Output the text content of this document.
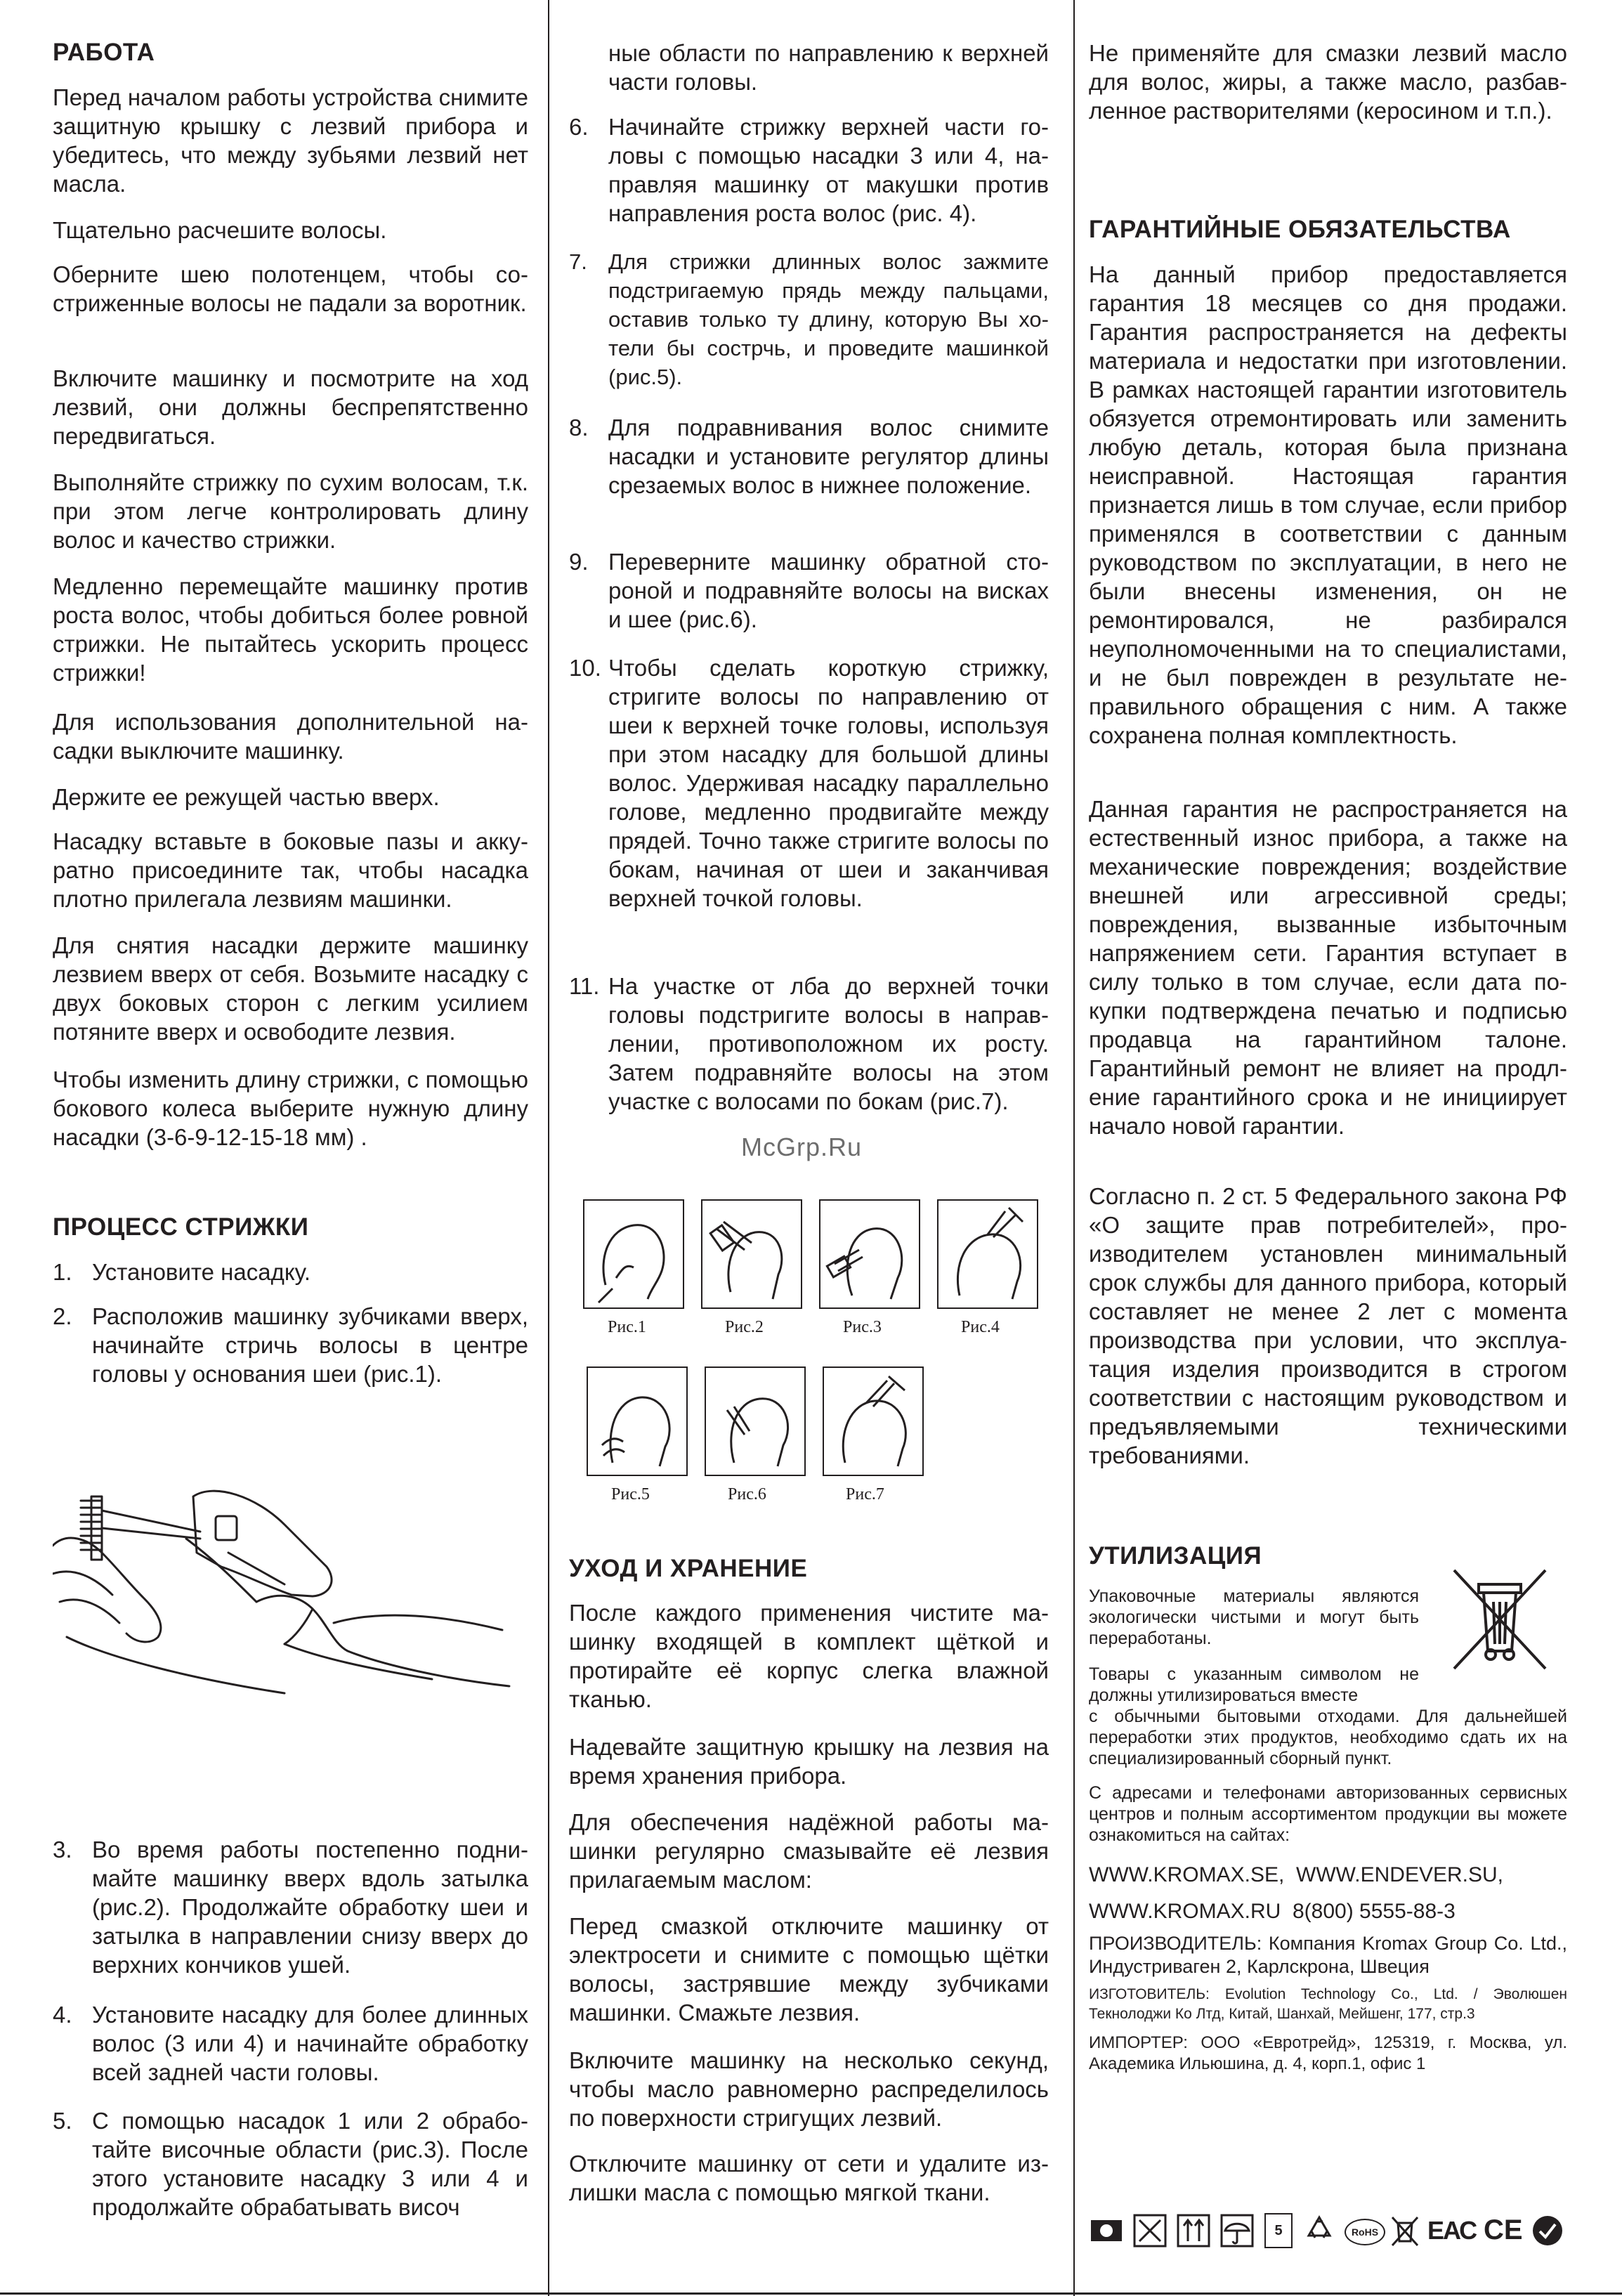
РАБОТА

Перед началом работы устройства снимите защитную крышку с лезвий прибора и убедитесь, что между зубьями лезвий нет масла.

Тщательно расчешите волосы.

Оберните шею полотенцем, чтобы состриженные волосы не падали за воротник.

Включите машинку и посмотрите на ход лезвий, они должны беспрепятственно передвигаться.

Выполняйте стрижку по сухим волосам, т.к. при этом легче контролировать длину волос и качество стрижки.

Медленно перемещайте машинку против роста волос, чтобы добиться более ровной стрижки. Не пытайтесь ускорить процесс стрижки!

Для использования дополнительной насадки выключите машинку.

Держите ее режущей частью вверх.

Насадку вставьте в боковые пазы и аккуратно присоедините так, чтобы насадка плотно прилегала лезвиям машинки.

Для снятия насадки держите машинку лезвием вверх от себя. Возьмите насадку с двух боковых сторон с легким усилием потяните вверх и освободите лезвия.

Чтобы изменить длину стрижки, с помощью бокового колеса выберите нужную длину насадки (3-6-9-12-15-18 мм) .

ПРОЦЕСС СТРИЖКИ
1. Установите насадку.
2. Расположив машинку зубчиками вверх, начинайте стричь волосы в центре головы у основания шеи (рис.1).
3. Во время работы постепенно поднимайте машинку вверх вдоль затылка (рис.2). Продолжайте обработку шеи и затылка в направлении снизу вверх до верхних кончиков ушей.
4. Установите насадку для более длинных волос (3 или 4) и начинайте обработку всей задней части головы.
5. С помощью насадок 1 или 2 обработайте височные области (рис.3). После этого установите насадку 3 или 4 и продолжайте обрабатывать височ

ные области по направлению к верхней части головы.

6. Начинайте стрижку верхней части головы с помощью насадки 3 или 4, направляя машинку от макушки против направления роста волос (рис. 4).
7. Для стрижки длинных волос зажмите подстригаемую прядь между пальцами, оставив только ту длину, которую Вы хотели бы сострчь, и проведите машинкой (рис.5).
8. Для подравнивания волос снимите насадки и установите регулятор длины срезаемых волос в нижнее положение.
9. Переверните машинку обратной стороной и подравняйте волосы на висках и шее (рис.6).
10. Чтобы сделать короткую стрижку, стригите волосы по направлению от шеи к верхней точке головы, используя при этом насадку для большой длины волос. Удерживая насадку параллельно голове, медленно продвигайте между прядей. Точно также стригите волосы по бокам, начиная от шеи и заканчивая верхней точкой головы.
11. На участке от лба до верхней точки головы подстригите волосы в направлении, противоположном их росту. Затем подравняйте волосы на этом участке с волосами по бокам (рис.7).
McGrp.Ru
Рис.1	Рис.2	Рис.3	Рис.4
Рис.5	Рис.6	Рис.7
УХОД И ХРАНЕНИЕ

После каждого применения чистите машинку входящей в комплект щёткой и протирайте её корпус слегка влажной тканью.

Надевайте защитную крышку на лезвия на время хранения прибора.

Для обеспечения надёжной работы машинки регулярно смазывайте её лезвия прилагаемым маслом:

Перед смазкой отключите машинку от электросети и снимите с помощью щётки волосы, застрявшие между зубчиками машинки. Смажьте лезвия.

Включите машинку на несколько секунд, чтобы масло равномерно распределилось по поверхности стригущих лезвий.

Отключите машинку от сети и удалите излишки масла с помощью мягкой ткани.

Не применяйте для смазки лезвий масло для волос, жиры, а также масло, разбавленное растворителями (керосином и т.п.).

ГАРАНТИЙНЫЕ ОБЯЗАТЕЛЬСТВА

На данный прибор предоставляется гарантия 18 месяцев со дня продажи. Гарантия распространяется на дефекты материала и недостатки при изготовлении. В рамках настоящей гарантии изготовитель обязуется отремонтировать или заменить любую деталь, которая была признана неисправной. Настоящая гарантия признается лишь в том случае, если прибор применялся в соответствии с данным руководством по эксплуатации, в него не были внесены изменения, он не ремонтировался, не разбирался неуполномоченными на то специалистами, и не был поврежден в результате неправильного обращения с ним. А также сохранена полная комплектность.

Данная гарантия не распространяется на естественный износ прибора, а также на механические повреждения; воздействие внешней или агрессивной среды; повреждения, вызванные избыточным напряжением сети. Гарантия вступает в силу только в том случае, если дата покупки подтверждена печатью и подписью продавца на гарантийном талоне. Гарантийный ремонт не влияет на продление гарантийного срока и не инициирует начало новой гарантии.

Согласно п. 2 ст. 5 Федерального закона РФ «О защите прав потребителей», производителем установлен минимальный срок службы для данного прибора, который составляет не менее 2 лет с момента производства при условии, что эксплуатация изделия производится в строгом соответствии с настоящим руководством и предъявляемыми техническими требованиями.

УТИЛИЗАЦИЯ

Упаковочные материалы являются экологически чистыми и могут быть переработаны.

Товары с указанным символом не должны утилизироваться вместе

с обычными бытовыми отходами. Для дальнейшей переработки этих продуктов, необходимо сдать их на специализированный сборный пункт.

С адресами и телефонами авторизованных сервисных центров и полным ассортиментом продукции вы можете ознакомиться на сайтах:

WWW.KROMAX.SE, WWW.ENDEVER.SU,
WWW.KROMAX.RU 8(800) 5555-88-3

ПРОИЗВОДИТЕЛЬ: Компания Kromax Group Co. Ltd., Индустриваген 2, Карлскрона, Швеция

ИЗГОТОВИТЕЛЬ: Evolution Technology Co., Ltd. / Эволюшен Текнолоджи Ко Лтд, Китай, Шанхай, Мейшенг, 177, стр.3

ИМПОРТЕР: ООО «Евротрейд», 125319, г. Москва, ул. Академика Ильюшина, д. 4, корп.1, офис 1

5	RoHS ЕАС CE
